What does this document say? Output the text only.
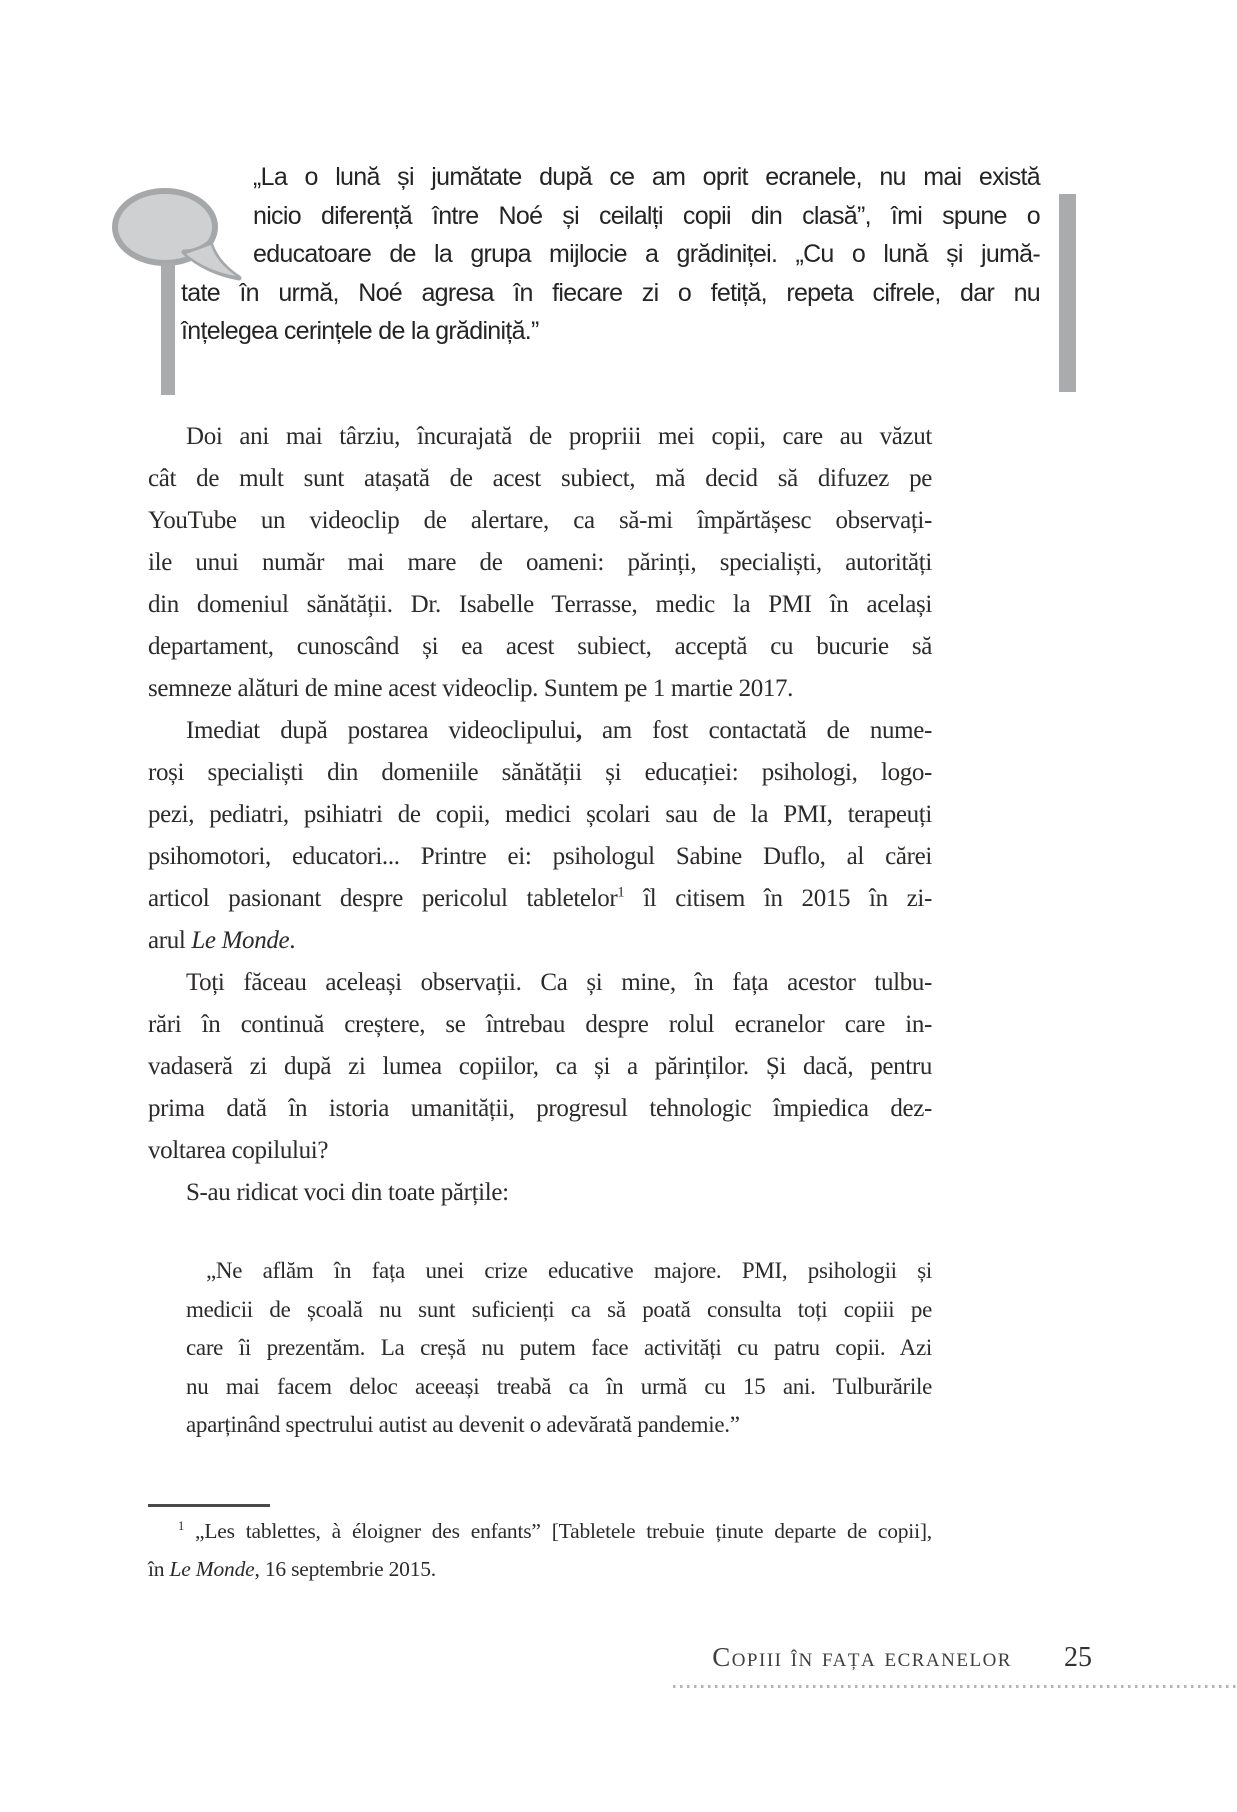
„La o lună și jumătate după ce am oprit ecranele, nu mai există
nicio diferență între Noé și ceilalți copii din clasă”, îmi spune o
educatoare de la grupa mijlocie a grădiniței. „Cu o lună și jumă-
tate în urmă, Noé agresa în fiecare zi o fetiță, repeta cifrele, dar nu
înțelegea cerințele de la grădiniță.”
Doi ani mai târziu, încurajată de propriii mei copii, care au văzut
cât de mult sunt atașată de acest subiect, mă decid să difuzez pe
YouTube un videoclip de alertare, ca să-mi împărtășesc observați-
ile unui număr mai mare de oameni: părinți, specialiști, autorități
din domeniul sănătății. Dr. Isabelle Terrasse, medic la PMI în același
departament, cunoscând și ea acest subiect, acceptă cu bucurie să
semneze alături de mine acest videoclip. Suntem pe 1 martie 2017.
Imediat după postarea videoclipului, am fost contactată de nume-
roși specialiști din domeniile sănătății și educației: psihologi, logo-
pezi, pediatri, psihiatri de copii, medici școlari sau de la PMI, terapeuți
psihomotori, educatori... Printre ei: psihologul Sabine Duflo, al cărei
articol pasionant despre pericolul tabletelor$^1$ îl citisem în 2015 în zi-
arul Le Monde.
Toți făceau aceleași observații. Ca și mine, în fața acestor tulbu-
rări în continuă creștere, se întrebau despre rolul ecranelor care in-
vadaseră zi după zi lumea copiilor, ca și a părinților. Și dacă, pentru
prima dată în istoria umanității, progresul tehnologic împiedica dez-
voltarea copilului?
S-au ridicat voci din toate părțile:
„Ne aflăm în fața unei crize educative majore. PMI, psihologii și
medicii de școală nu sunt suficienți ca să poată consulta toți copiii pe
care îi prezentăm. La creșă nu putem face activități cu patru copii. Azi
nu mai facem deloc aceeași treabă ca în urmă cu 15 ani. Tulburările
aparținând spectrului autist au devenit o adevărată pandemie.”
$^1$ „Les tablettes, à éloigner des enfants” [Tabletele trebuie ținute departe de copii],
în Le Monde, 16 septembrie 2015.
Copiii în fața ecranelor 25
